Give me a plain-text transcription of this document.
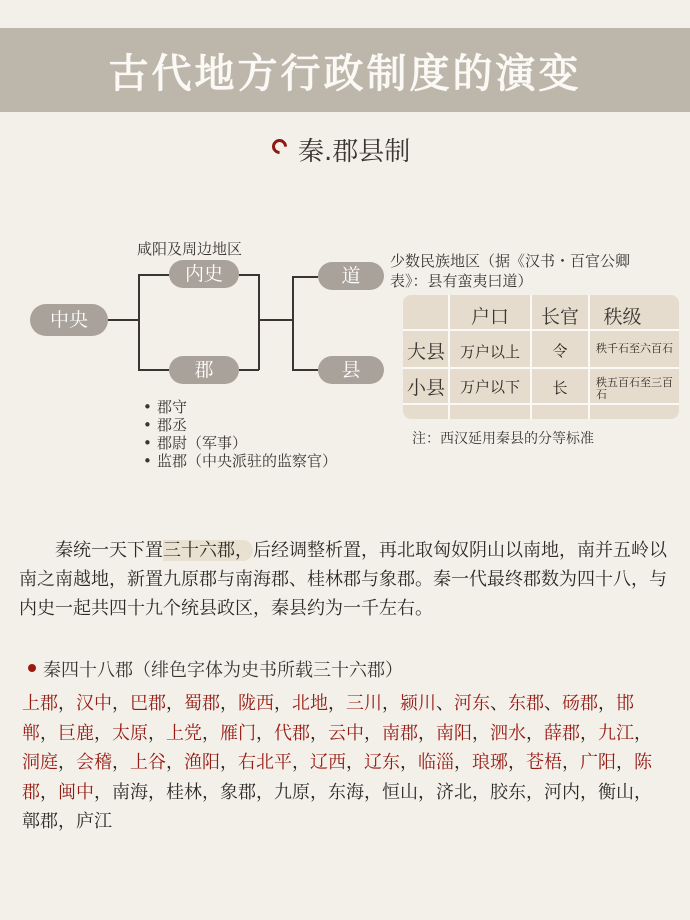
古代地方行政制度的演变
秦.郡县制
咸阳及周边地区
少数民族地区（据《汉书・百官公卿表》：县有蛮夷曰道）
中央
内史
郡
道
县
• 郡守
• 郡丞
• 郡尉（军事）
• 监郡（中央派驻的监察官）
户口	长官	秩级
大县 万户以上	令	秩千石至六百石
小县 万户以下	长	秩五百石至三百石
注：西汉延用秦县的分等标准

秦统一天下置三十六郡，后经调整析置，再北取匈奴阴山以南地，南并五岭以南之南越地，新置九原郡与南海郡、桂林郡与象郡。秦一代最终郡数为四十八，与内史一起共四十九个统县政区，秦县约为一千左右。

秦四十八郡（绯色字体为史书所载三十六郡）
上郡，汉中，巴郡，蜀郡，陇西，北地，三川，颍川、河东、东郡、砀郡，邯郸，巨鹿，太原，上党，雁门，代郡，云中，南郡，南阳，泗水，薛郡，九江，洞庭，会稽，上谷，渔阳，右北平，辽西，辽东，临淄，琅琊，苍梧，广阳，陈郡，闽中，南海，桂林，象郡，九原，东海，恒山，济北，胶东，河内，衡山，鄣郡，庐江
